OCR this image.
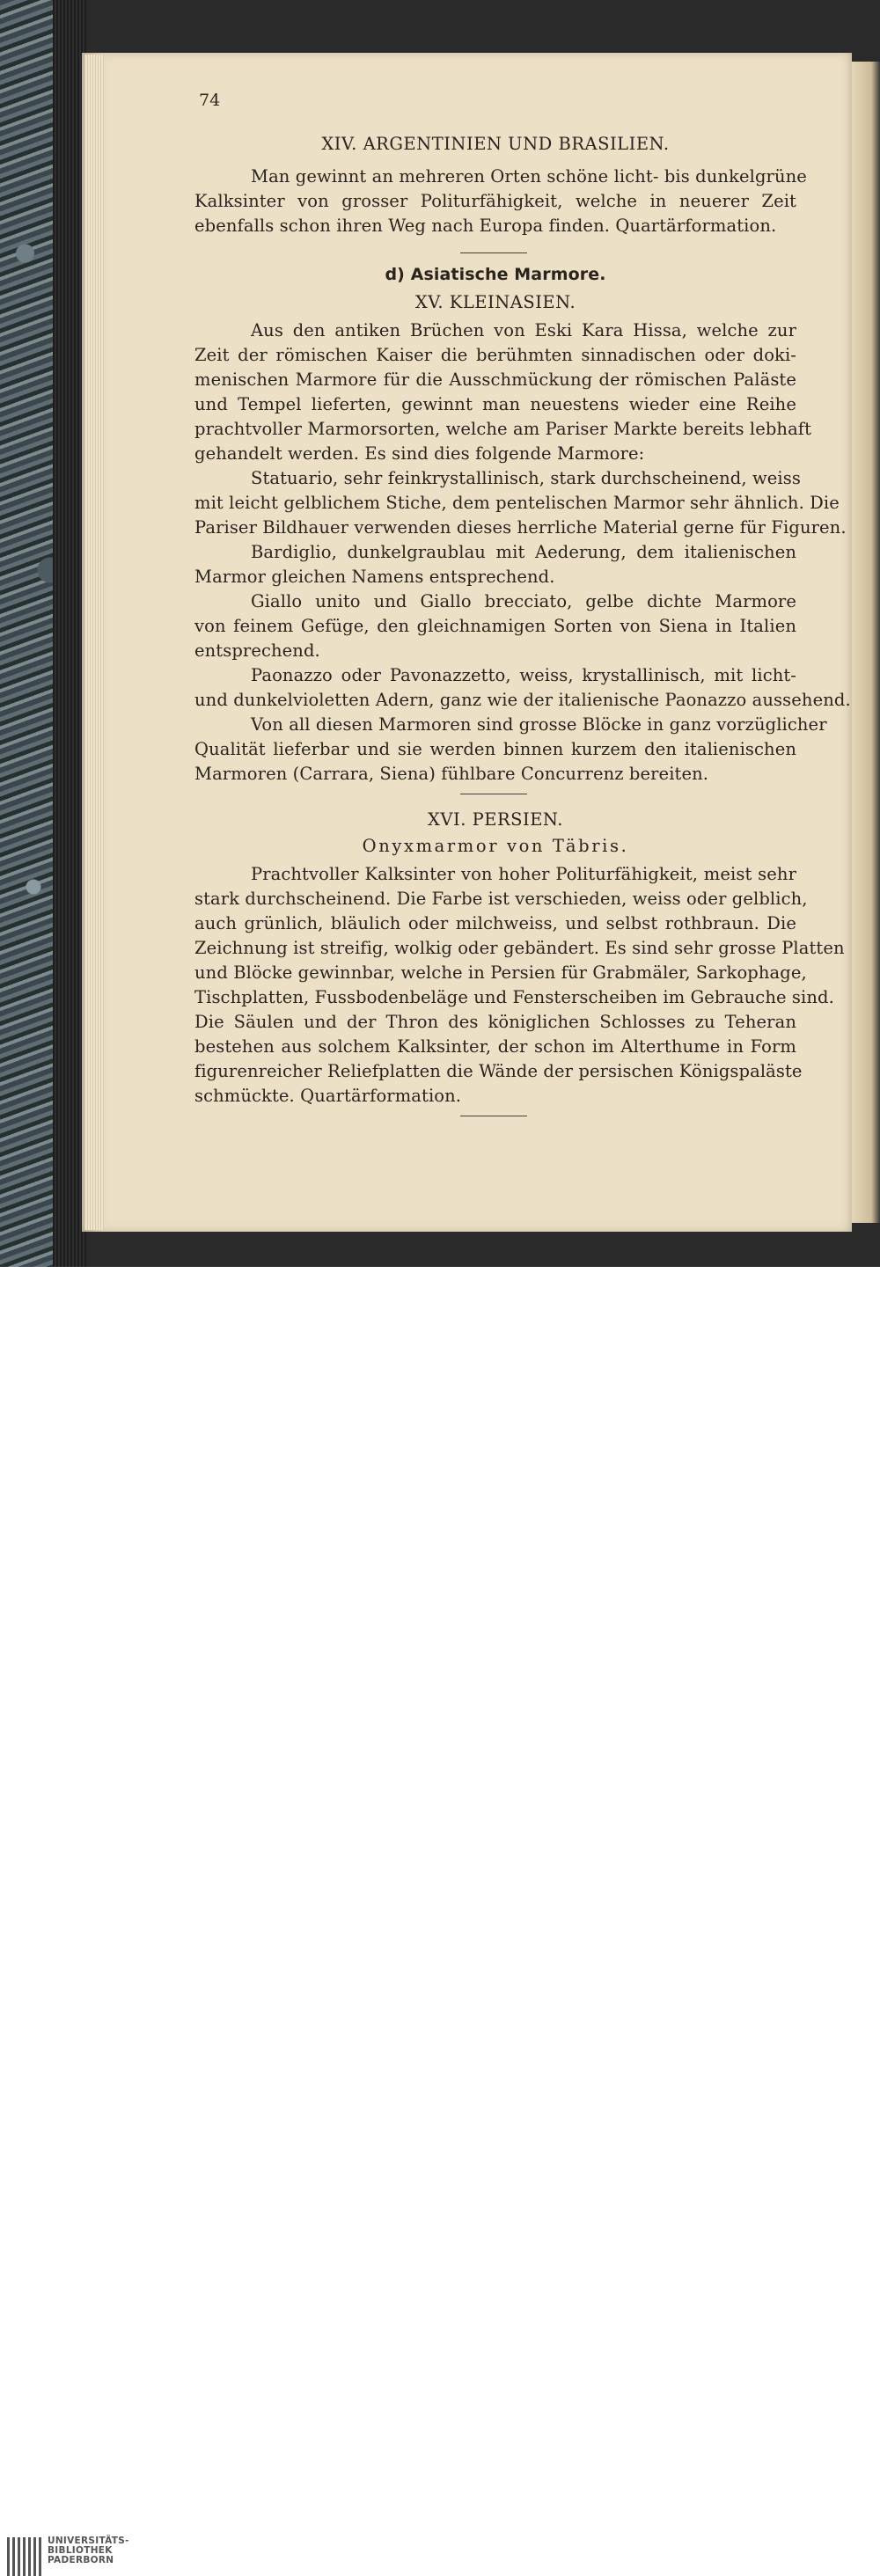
74
XIV. ARGENTINIEN UND BRASILIEN.
Man gewinnt an mehreren Orten schöne licht- bis dunkelgrüne
Kalksinter von grosser Politurfähigkeit, welche in neuerer Zeit
ebenfalls schon ihren Weg nach Europa finden. Quartärformation.
d) Asiatische Marmore.
XV. KLEINASIEN.
Aus den antiken Brüchen von Eski Kara Hissa, welche zur
Zeit der römischen Kaiser die berühmten sinnadischen oder doki-
menischen Marmore für die Ausschmückung der römischen Paläste
und Tempel lieferten, gewinnt man neuestens wieder eine Reihe
prachtvoller Marmorsorten, welche am Pariser Markte bereits lebhaft
gehandelt werden. Es sind dies folgende Marmore:
Statuario, sehr feinkrystallinisch, stark durchscheinend, weiss
mit leicht gelblichem Stiche, dem pentelischen Marmor sehr ähnlich. Die
Pariser Bildhauer verwenden dieses herrliche Material gerne für Figuren.
Bardiglio, dunkelgraublau mit Aederung, dem italienischen
Marmor gleichen Namens entsprechend.
Giallo unito und Giallo brecciato, gelbe dichte Marmore
von feinem Gefüge, den gleichnamigen Sorten von Siena in Italien
entsprechend.
Paonazzo oder Pavonazzetto, weiss, krystallinisch, mit licht-
und dunkelvioletten Adern, ganz wie der italienische Paonazzo aussehend.
Von all diesen Marmoren sind grosse Blöcke in ganz vorzüglicher
Qualität lieferbar und sie werden binnen kurzem den italienischen
Marmoren (Carrara, Siena) fühlbare Concurrenz bereiten.
XVI. PERSIEN.
Onyxmarmor von Täbris.
Prachtvoller Kalksinter von hoher Politurfähigkeit, meist sehr
stark durchscheinend. Die Farbe ist verschieden, weiss oder gelblich,
auch grünlich, bläulich oder milchweiss, und selbst rothbraun. Die
Zeichnung ist streifig, wolkig oder gebändert. Es sind sehr grosse Platten
und Blöcke gewinnbar, welche in Persien für Grabmäler, Sarkophage,
Tischplatten, Fussbodenbeläge und Fensterscheiben im Gebrauche sind.
Die Säulen und der Thron des königlichen Schlosses zu Teheran
bestehen aus solchem Kalksinter, der schon im Alterthume in Form
figurenreicher Reliefplatten die Wände der persischen Königspaläste
schmückte. Quartärformation.
UNIVERSITÄTS-
BIBLIOTHEK
PADERBORN
